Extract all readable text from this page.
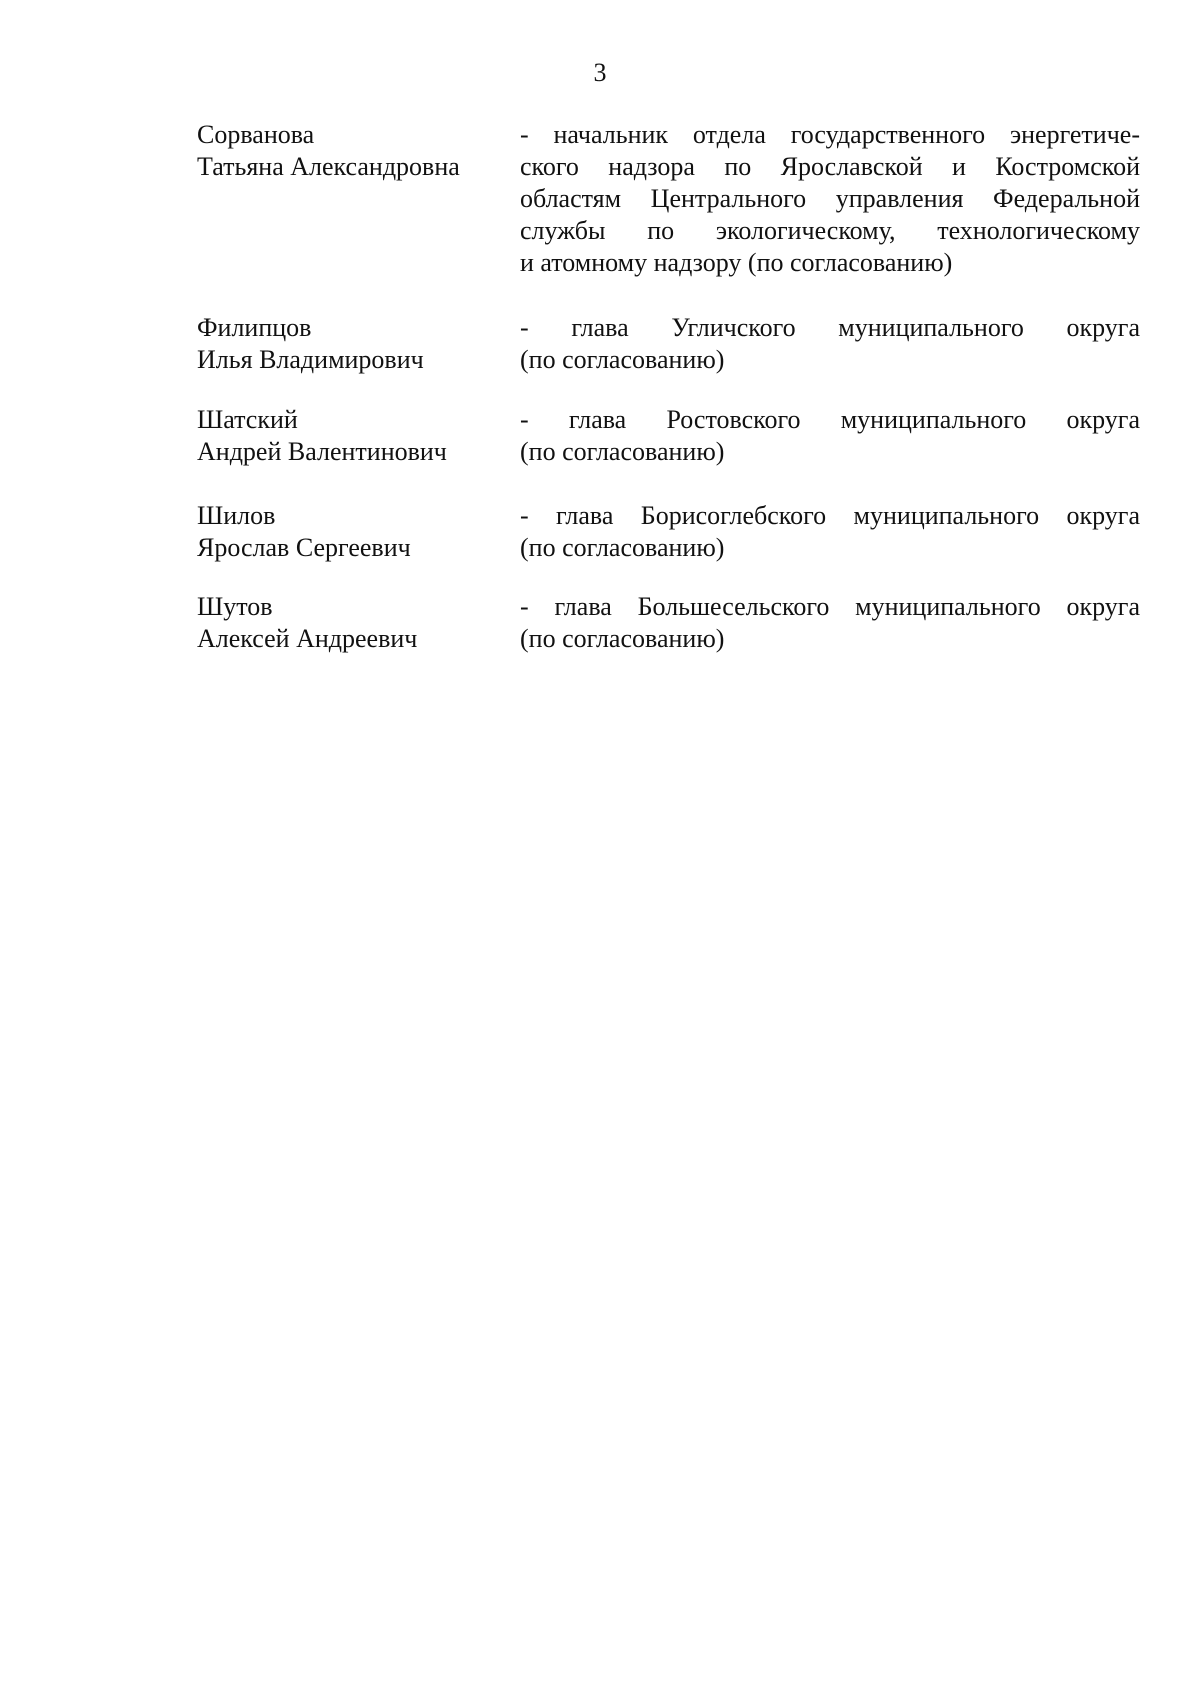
3
Сорванова
Татьяна Александровна
- начальник отдела государственного энергетиче-
ского надзора по Ярославской и Костромской
областям Центрального управления Федеральной
службы по экологическому, технологическому
и атомному надзору (по согласованию)
Филипцов
Илья Владимирович
- глава Угличского муниципального округа
(по согласованию)
Шатский
Андрей Валентинович
- глава Ростовского муниципального округа
(по согласованию)
Шилов
Ярослав Сергеевич
- глава Борисоглебского муниципального округа
(по согласованию)
Шутов
Алексей Андреевич
- глава Большесельского муниципального округа
(по согласованию)
